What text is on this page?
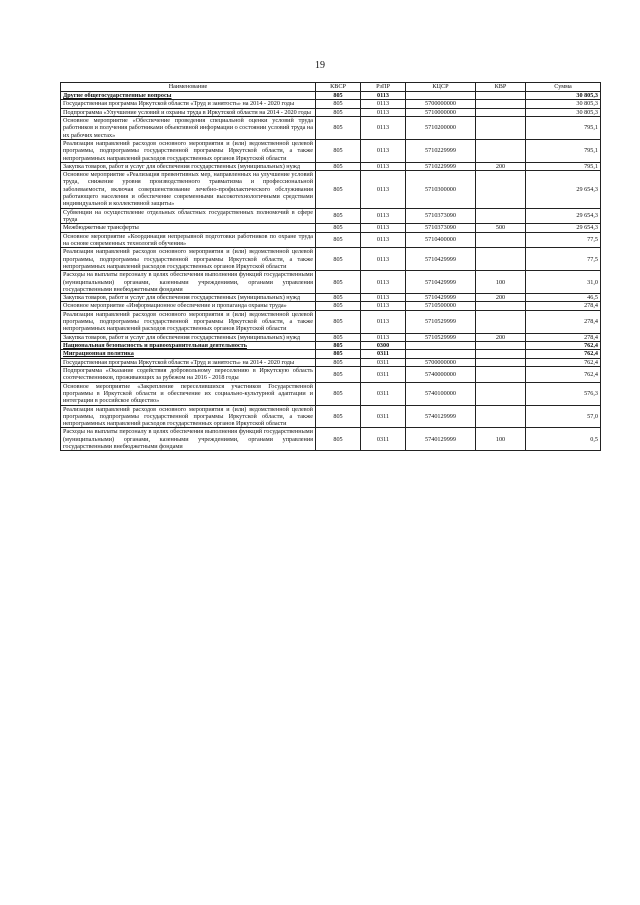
19
Наименование	КВСР	РзПР	КЦСР	КВР	Сумма
Другие общегосударственные вопросы	805	0113			30 805,3
Государственная программа Иркутской области «Труд и занятость» на 2014 - 2020 годы	805	0113	5700000000		30 805,3
Подпрограмма «Улучшение условий и охраны труда в Иркутской области на 2014 - 2020 годы	805	0113	5710000000		30 805,3
Основное мероприятие «Обеспечение проведения специальной оценки условий труда работников и получения работниками объективной информации о состоянии условий труда на их рабочих местах»	805	0113	5710200000		795,1
Реализация направлений расходов основного мероприятия и (или) ведомственной целевой программы, подпрограммы государственной программы Иркутской области, а также непрограммных направлений расходов государственных органов Иркутской области	805	0113	5710229999		795,1
Закупка товаров, работ и услуг для обеспечения государственных (муниципальных) нужд	805	0113	5710229999	200	795,1
Основное мероприятие «Реализация превентивных мер, направленных на улучшение условий труда, снижение уровня производственного травматизма и профессиональной заболеваемости, включая совершенствование лечебно-профилактического обслуживания работающего населения и обеспечение современными высокотехнологичными средствами индивидуальной и коллективной защиты»	805	0113	5710300000		29 654,3
Субвенции на осуществление отдельных областных государственных полномочий в сфере труда	805	0113	5710373090		29 654,3
Межбюджетные трансферты	805	0113	5710373090	500	29 654,3
Основное мероприятие «Координация непрерывной подготовки работников по охране труда на основе современных технологий обучения»	805	0113	5710400000		77,5
Реализация направлений расходов основного мероприятия и (или) ведомственной целевой программы, подпрограммы государственной программы Иркутской области, а также непрограммных направлений расходов государственных органов Иркутской области	805	0113	5710429999		77,5
Расходы на выплаты персоналу в целях обеспечения выполнения функций государственными (муниципальными) органами, казенными учреждениями, органами управления государственными внебюджетными фондами	805	0113	5710429999	100	31,0
Закупка товаров, работ и услуг для обеспечения государственных (муниципальных) нужд	805	0113	5710429999	200	46,5
Основное мероприятие «Информационное обеспечение и пропаганда охраны труда»	805	0113	5710500000		278,4
Реализация направлений расходов основного мероприятия и (или) ведомственной целевой программы, подпрограммы государственной программы Иркутской области, а также непрограммных направлений расходов государственных органов Иркутской области	805	0113	5710529999		278,4
Закупка товаров, работ и услуг для обеспечения государственных (муниципальных) нужд	805	0113	5710529999	200	278,4
Национальная безопасность и правоохранительная деятельность	805	0300			762,4
Миграционная политика	805	0311			762,4
Государственная программа Иркутской области «Труд и занятость» на 2014 - 2020 годы	805	0311	5700000000		762,4
Подпрограмма «Оказание содействия добровольному переселению в Иркутскую область соотечественников, проживающих за рубежом на 2016 - 2018 годы	805	0311	5740000000		762,4
Основное мероприятие «Закрепление переселившихся участников Государственной программы в Иркутской области и обеспечение их социально-культурной адаптации и интеграции в российское общество»	805	0311	5740100000		576,3
Реализация направлений расходов основного мероприятия и (или) ведомственной целевой программы, подпрограммы государственной программы Иркутской области, а также непрограммных направлений расходов государственных органов Иркутской области	805	0311	5740129999		57,0
Расходы на выплаты персоналу в целях обеспечения выполнения функций государственными (муниципальными) органами, казенными учреждениями, органами управления государственными внебюджетными фондами	805	0311	5740129999	100	0,5
